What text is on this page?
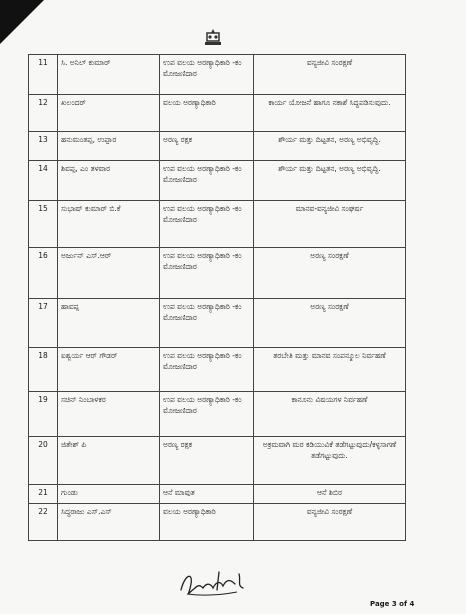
11	ಸಿ. ಅನಿಲ್ ಕುಮಾರ್	ಉಪ ವಲಯ ಅರಣ್ಯಾಧಿಕಾರಿ -ಕಂ ಮೋಜಣಿದಾರ	ವನ್ಯಜೀವಿ ಸಂರಕ್ಷಣೆ
12	ಖಲಂದರ್	ವಲಯ ಅರಣ್ಯಾಧಿಕಾರಿ	ಕಾರ್ಯ ಯೋಜನೆ ಹಾಗೂ ನಕಾಶೆ ಸಿದ್ಧಪಡಿಸುವುದು.
13	ಹನುಮಂತಪ್ಪ, ಉಪ್ಪಾರ	ಅರಣ್ಯ ರಕ್ಷಕ	ಶೌರ್ಯ ಮತ್ತು ದಿಟ್ಟತನ, ಅರಣ್ಯ ಅಭಿವೃದ್ಧಿ.
14	ಶಿವಪ್ಪ, ಎಂ ತಳವಾರ	ಉಪ ವಲಯ ಅರಣ್ಯಾಧಿಕಾರಿ -ಕಂ ಮೋಜಣಿದಾರ	ಶೌರ್ಯ ಮತ್ತು ದಿಟ್ಟತನ, ಅರಣ್ಯ ಅಭಿವೃದ್ಧಿ.
15	ಸುಭಾಷ್ ಕುಮಾರ್ ಬಿ.ಕೆ	ಉಪ ವಲಯ ಅರಣ್ಯಾಧಿಕಾರಿ -ಕಂ ಮೋಜಣಿದಾರ	ಮಾನವ-ವನ್ಯಜೀವಿ ಸಂಘರ್ಷ
16	ಅರ್ಜುನ್ ಎಸ್.ಆರ್	ಉಪ ವಲಯ ಅರಣ್ಯಾಧಿಕಾರಿ -ಕಂ ಮೋಜಣಿದಾರ	ಅರಣ್ಯ ಸಂರಕ್ಷಣೆ
17	ಹಾವಪ್ಪ	ಉಪ ವಲಯ ಅರಣ್ಯಾಧಿಕಾರಿ -ಕಂ ಮೋಜಣಿದಾರ	ಅರಣ್ಯ ಸಂರಕ್ಷಣೆ
18	ಐಶ್ವರ್ಯ ಆರ್ ಗೌಡರ್	ಉಪ ವಲಯ ಅರಣ್ಯಾಧಿಕಾರಿ -ಕಂ ಮೋಜಣಿದಾರ	ತರಬೇತಿ ಮತ್ತು ಮಾನವ ಸಂಪನ್ಮೂಲ ನಿರ್ವಹಣೆ
19	ಸಚಿನ್ ನಿಂಬಾಳಕರ	ಉಪ ವಲಯ ಅರಣ್ಯಾಧಿಕಾರಿ -ಕಂ ಮೋಜಣಿದಾರ	ಕಾನೂನು ವಿಷಯಗಳ ನಿರ್ವಹಣೆ
20	ಜಿತೇಶ್ ಪಿ	ಅರಣ್ಯ ರಕ್ಷಕ	ಅಕ್ರಮವಾಗಿ ಮರ ಕಡಿಯುವಿಕೆ ತಡೆಗಟ್ಟುವುದು/ಕಳ್ಳಸಾಗಣೆ ತಡೆಗಟ್ಟುವುದು.
21	ಗುಂಡು	ಆನೆ ಮಾವುತ	ಆನೆ ಶಿಬಿರ
22	ಸಿದ್ಧರಾಜು ಎಸ್.ಎಸ್	ವಲಯ ಅರಣ್ಯಾಧಿಕಾರಿ	ವನ್ಯಜೀವಿ ಸಂರಕ್ಷಣೆ
Page 3 of 4
